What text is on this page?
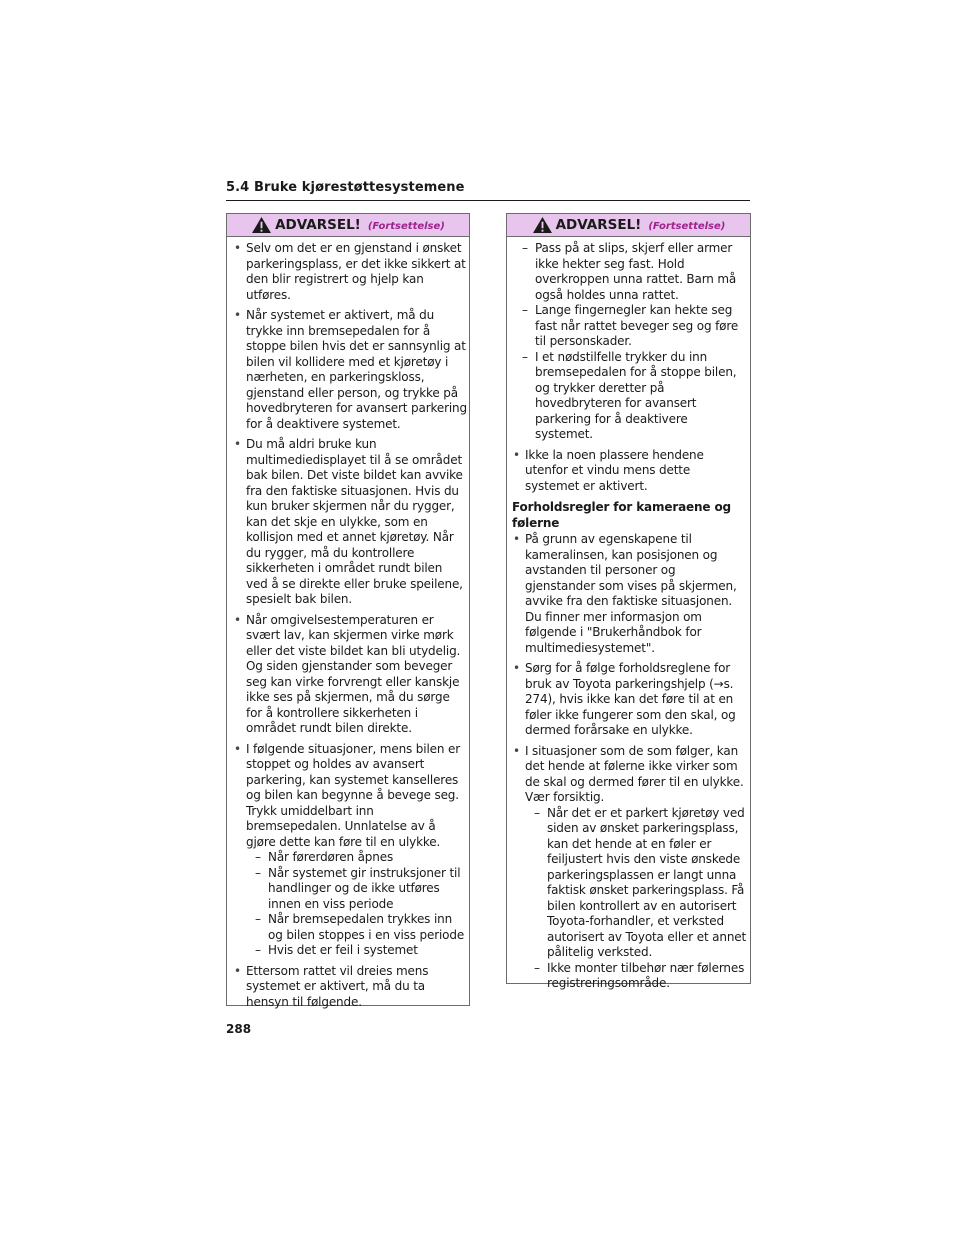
5.4 Bruke kjørestøttesystemene
ADVARSEL! (Fortsettelse)
• Selv om det er en gjenstand i ønsket parkeringsplass, er det ikke sikkert at den blir registrert og hjelp kan utføres.
• Når systemet er aktivert, må du trykke inn bremsepedalen for å stoppe bilen hvis det er sannsynlig at bilen vil kollidere med et kjøretøy i nærheten, en parkeringskloss, gjenstand eller person, og trykke på hovedbryteren for avansert parkering for å deaktivere systemet.
• Du må aldri bruke kun multimediedisplayet til å se området bak bilen. Det viste bildet kan avvike fra den faktiske situasjonen. Hvis du kun bruker skjermen når du rygger, kan det skje en ulykke, som en kollisjon med et annet kjøretøy. Når du rygger, må du kontrollere sikkerheten i området rundt bilen ved å se direkte eller bruke speilene, spesielt bak bilen.
• Når omgivelsestemperaturen er svært lav, kan skjermen virke mørk eller det viste bildet kan bli utydelig. Og siden gjenstander som beveger seg kan virke forvrengt eller kanskje ikke ses på skjermen, må du sørge for å kontrollere sikkerheten i området rundt bilen direkte.
• I følgende situasjoner, mens bilen er stoppet og holdes av avansert parkering, kan systemet kanselleres og bilen kan begynne å bevege seg. Trykk umiddelbart inn bremsepedalen. Unnlatelse av å gjøre dette kan føre til en ulykke.
– Når førerdøren åpnes
– Når systemet gir instruksjoner til handlinger og de ikke utføres innen en viss periode
– Når bremsepedalen trykkes inn og bilen stoppes i en viss periode
– Hvis det er feil i systemet
• Ettersom rattet vil dreies mens systemet er aktivert, må du ta hensyn til følgende.
ADVARSEL! (Fortsettelse)
– Pass på at slips, skjerf eller armer ikke hekter seg fast. Hold overkroppen unna rattet. Barn må også holdes unna rattet.
– Lange fingernegler kan hekte seg fast når rattet beveger seg og føre til personskader.
– I et nødstilfelle trykker du inn bremsepedalen for å stoppe bilen, og trykker deretter på hovedbryteren for avansert parkering for å deaktivere systemet.
• Ikke la noen plassere hendene utenfor et vindu mens dette systemet er aktivert.
Forholdsregler for kameraene og følerne
• På grunn av egenskapene til kameralinsen, kan posisjonen og avstanden til personer og gjenstander som vises på skjermen, avvike fra den faktiske situasjonen. Du finner mer informasjon om følgende i "Brukerhåndbok for multimediesystemet".
• Sørg for å følge forholdsreglene for bruk av Toyota parkeringshjelp (→s. 274), hvis ikke kan det føre til at en føler ikke fungerer som den skal, og dermed forårsake en ulykke.
• I situasjoner som de som følger, kan det hende at følerne ikke virker som de skal og dermed fører til en ulykke. Vær forsiktig.
– Når det er et parkert kjøretøy ved siden av ønsket parkeringsplass, kan det hende at en føler er feiljustert hvis den viste ønskede parkeringsplassen er langt unna faktisk ønsket parkeringsplass. Få bilen kontrollert av en autorisert Toyota-forhandler, et verksted autorisert av Toyota eller et annet pålitelig verksted.
– Ikke monter tilbehør nær følernes registreringsområde.
288
